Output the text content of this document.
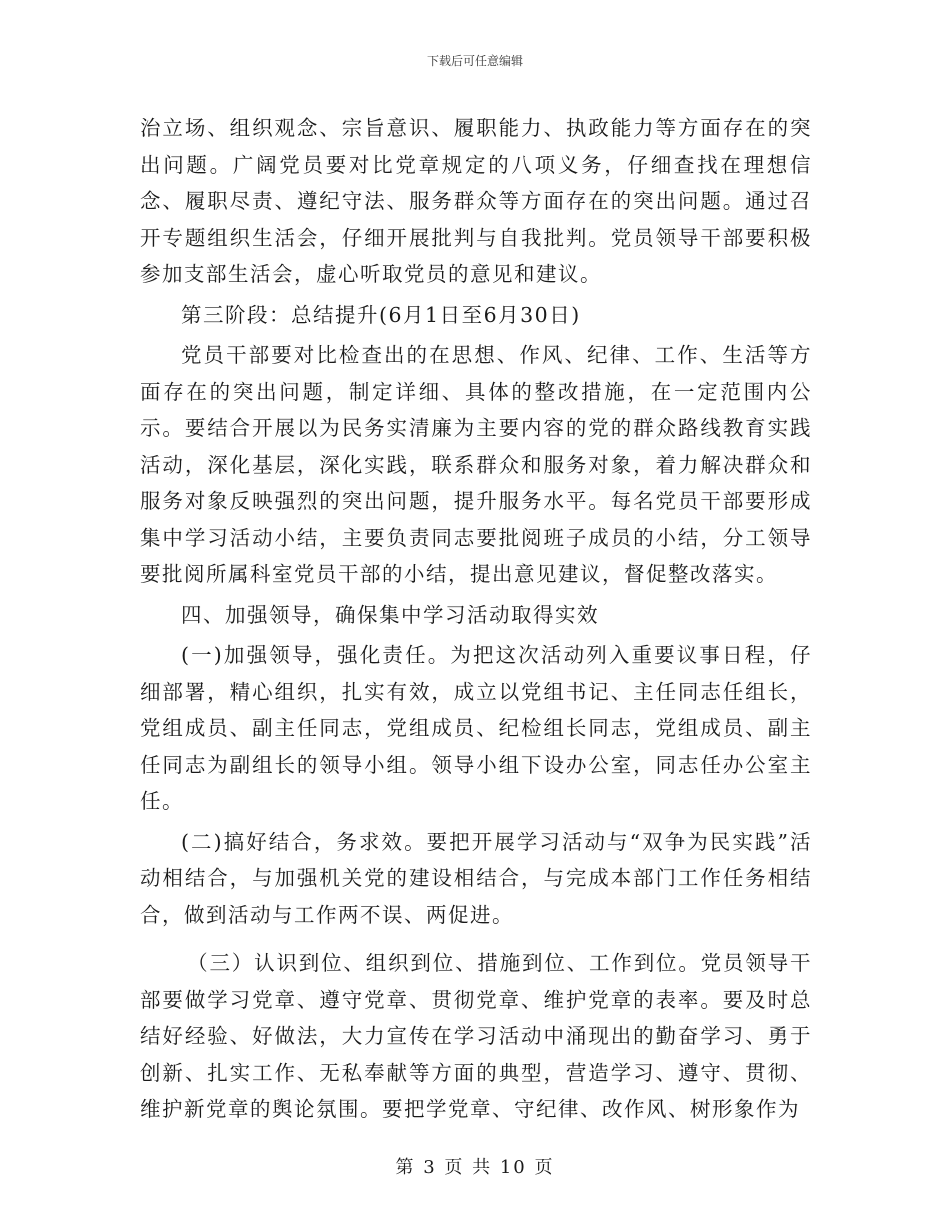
下载后可任意编辑

治立场、组织观念、宗旨意识、履职能力、执政能力等方面存在的突出问题。广阔党员要对比党章规定的八项义务，仔细查找在理想信念、履职尽责、遵纪守法、服务群众等方面存在的突出问题。通过召开专题组织生活会，仔细开展批判与自我批判。党员领导干部要积极参加支部生活会，虚心听取党员的意见和建议。

第三阶段：总结提升(6月1日至6月30日)

党员干部要对比检查出的在思想、作风、纪律、工作、生活等方面存在的突出问题，制定详细、具体的整改措施，在一定范围内公示。要结合开展以为民务实清廉为主要内容的党的群众路线教育实践活动，深化基层，深化实践，联系群众和服务对象，着力解决群众和服务对象反映强烈的突出问题，提升服务水平。每名党员干部要形成集中学习活动小结，主要负责同志要批阅班子成员的小结，分工领导要批阅所属科室党员干部的小结，提出意见建议，督促整改落实。

四、加强领导，确保集中学习活动取得实效

(一)加强领导，强化责任。为把这次活动列入重要议事日程，仔细部署，精心组织，扎实有效，成立以党组书记、主任同志任组长，党组成员、副主任同志，党组成员、纪检组长同志，党组成员、副主任同志为副组长的领导小组。领导小组下设办公室，同志任办公室主任。

(二)搞好结合，务求效。要把开展学习活动与“双争为民实践”活动相结合，与加强机关党的建设相结合，与完成本部门工作任务相结合，做到活动与工作两不误、两促进。

（三）认识到位、组织到位、措施到位、工作到位。党员领导干部要做学习党章、遵守党章、贯彻党章、维护党章的表率。要及时总结好经验、好做法，大力宣传在学习活动中涌现出的勤奋学习、勇于创新、扎实工作、无私奉献等方面的典型，营造学习、遵守、贯彻、维护新党章的舆论氛围。要把学党章、守纪律、改作风、树形象作为

第 3 页 共 10 页
